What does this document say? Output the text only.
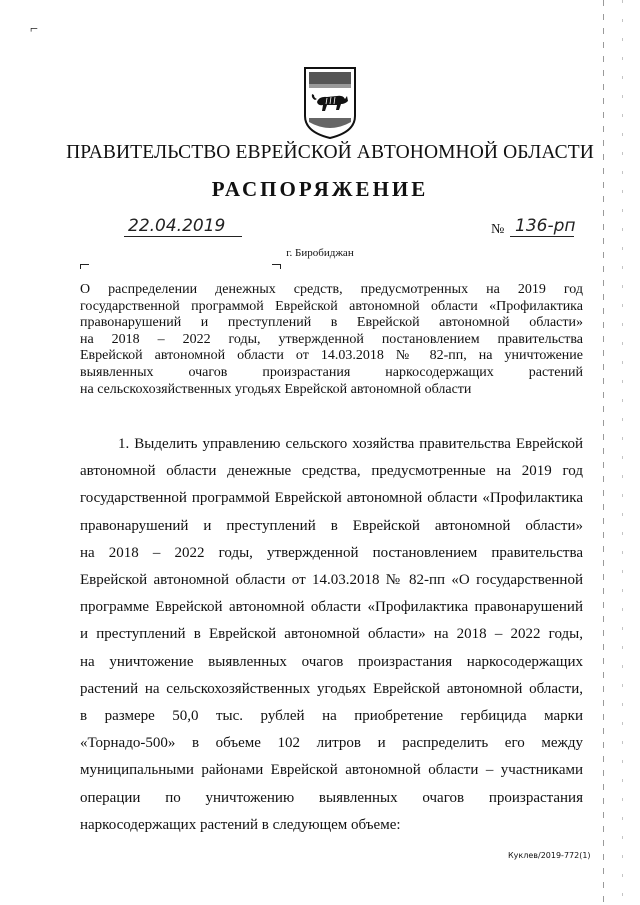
⌐
ПРАВИТЕЛЬСТВО ЕВРЕЙСКОЙ АВТОНОМНОЙ ОБЛАСТИ
РАСПОРЯЖЕНИЕ
22.04.2019	№ 136-рп
г. Биробиджан
О распределении денежных средств, предусмотренных на 2019 год
государственной программой Еврейской автономной области «Профилактика
правонарушений и преступлений в Еврейской автономной области»
на 2018 – 2022 годы, утвержденной постановлением правительства
Еврейской автономной области от 14.03.2018 № 82-пп, на уничтожение
выявленных очагов произрастания наркосодержащих растений
на сельскохозяйственных угодьях Еврейской автономной области
1. Выделить управлению сельского хозяйства правительства Еврейской
автономной области денежные средства, предусмотренные на 2019 год
государственной программой Еврейской автономной области «Профилактика
правонарушений и преступлений в Еврейской автономной области»
на 2018 – 2022 годы, утвержденной постановлением правительства
Еврейской автономной области от 14.03.2018 № 82-пп «О государственной
программе Еврейской автономной области «Профилактика правонарушений
и преступлений в Еврейской автономной области» на 2018 – 2022 годы,
на уничтожение выявленных очагов произрастания наркосодержащих
растений на сельскохозяйственных угодьях Еврейской автономной области,
в размере 50,0 тыс. рублей на приобретение гербицида марки
«Торнадо-500» в объеме 102 литров и распределить его между
муниципальными районами Еврейской автономной области – участниками
операции по уничтожению выявленных очагов произрастания
наркосодержащих растений в следующем объеме:
Куклев/2019-772(1)
